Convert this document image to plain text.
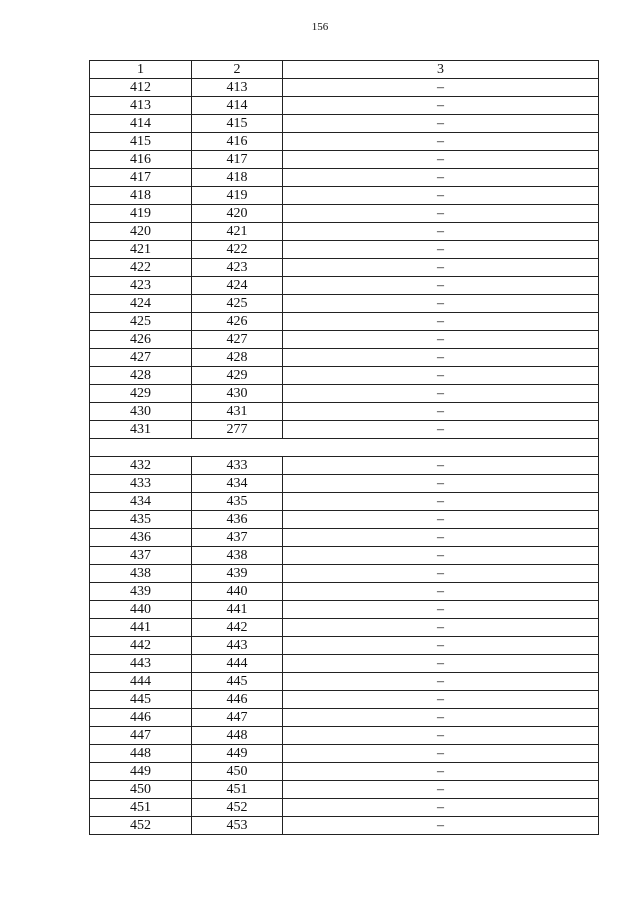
156
1	2	3
412	413	–
413	414	–
414	415	–
415	416	–
416	417	–
417	418	–
418	419	–
419	420	–
420	421	–
421	422	–
422	423	–
423	424	–
424	425	–
425	426	–
426	427	–
427	428	–
428	429	–
429	430	–
430	431	–
431	277	–

432	433	–
433	434	–
434	435	–
435	436	–
436	437	–
437	438	–
438	439	–
439	440	–
440	441	–
441	442	–
442	443	–
443	444	–
444	445	–
445	446	–
446	447	–
447	448	–
448	449	–
449	450	–
450	451	–
451	452	–
452	453	–
